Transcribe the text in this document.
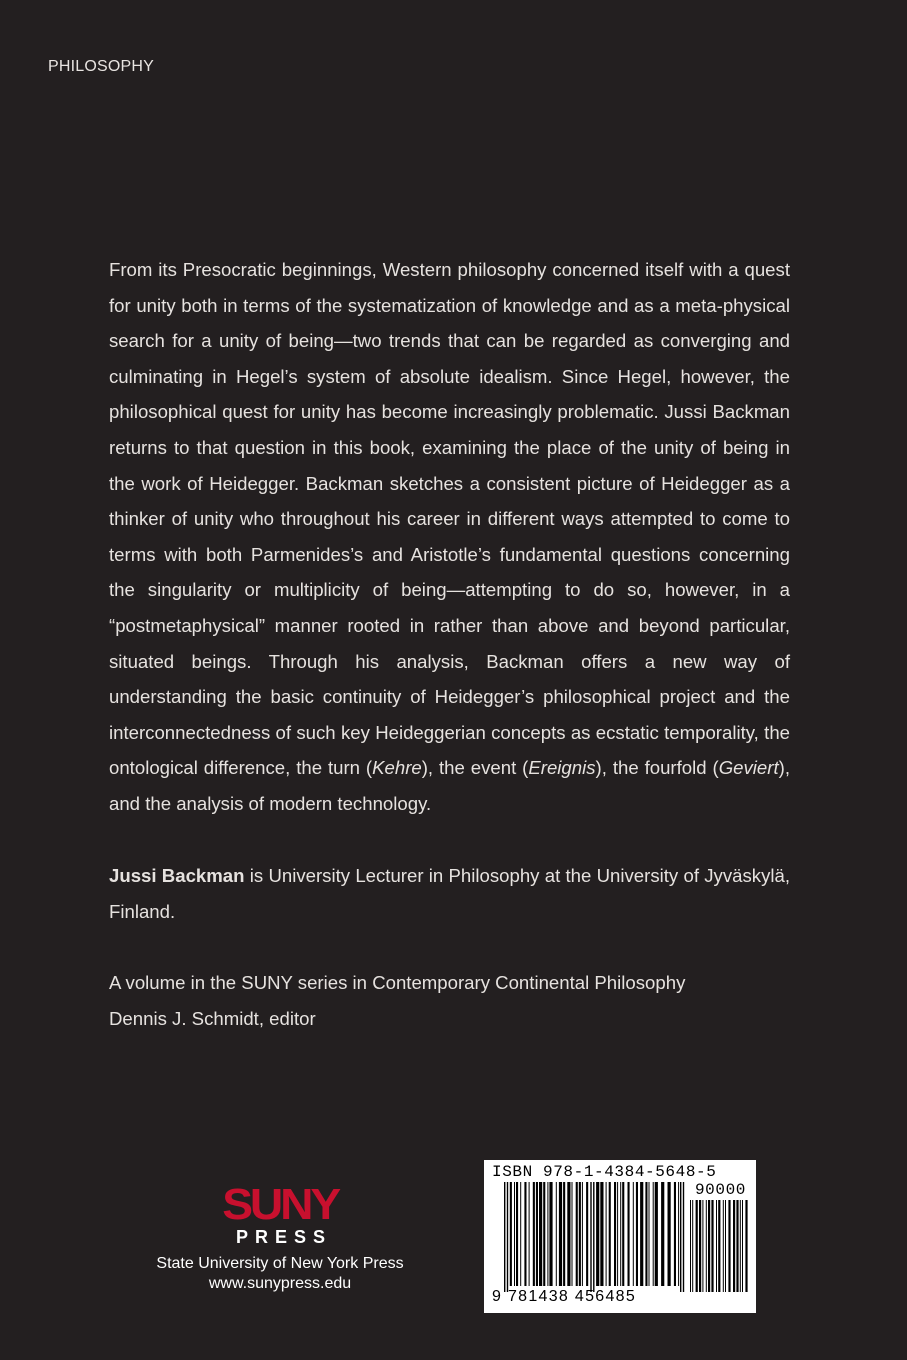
PHILOSOPHY

From its Presocratic beginnings, Western philosophy concerned itself with a quest for unity both in terms of the systematization of knowledge and as a meta-physical search for a unity of being—two trends that can be regarded as converging and culminating in Hegel’s system of absolute idealism. Since Hegel, however, the philosophical quest for unity has become increasingly problematic. Jussi Backman returns to that question in this book, examining the place of the unity of being in the work of Heidegger. Backman sketches a consistent picture of Heidegger as a thinker of unity who throughout his career in different ways attempted to come to terms with both Parmenides’s and Aristotle’s fundamental questions concerning the singularity or multiplicity of being—attempting to do so, however, in a “postmetaphysical” manner rooted in rather than above and beyond particular, situated beings. Through his analysis, Backman offers a new way of understanding the basic continuity of Heidegger’s philosophical project and the interconnectedness of such key Heideggerian concepts as ecstatic temporality, the ontological difference, the turn (Kehre), the event (Ereignis), the fourfold (Geviert), and the analysis of modern technology.

Jussi Backman is University Lecturer in Philosophy at the University of Jyväskylä, Finland.

A volume in the SUNY series in Contemporary Continental Philosophy
Dennis J. Schmidt, editor
SUNY
PRESS
State University of New York Press
www.sunypress.edu
ISBN 978-1-4384-5648-5
90000
9 781438 456485
